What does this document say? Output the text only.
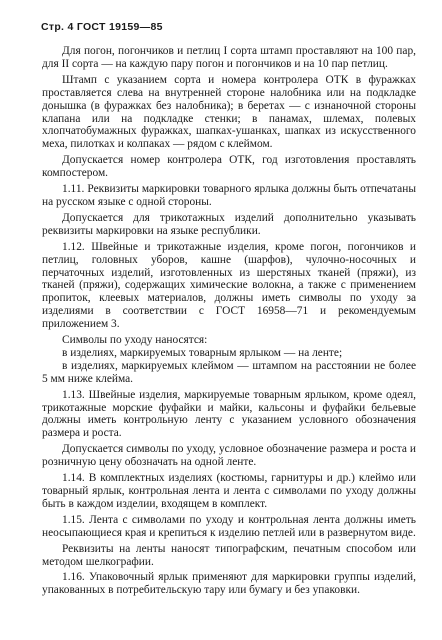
Стр. 4 ГОСТ 19159—85

Для погон, погончиков и петлиц I сорта штамп проставляют на 100 пар, для II сорта — на каждую пару погон и погончиков и на 10 пар петлиц.

Штамп с указанием сорта и номера контролера ОТК в фуражках проставляется слева на внутренней стороне налобника или на подкладке донышка (в фуражках без налобника); в беретах — с изнаночной стороны клапана или на подкладке стенки; в панамах, шлемах, полевых хлопчатобумажных фуражках, шапках-ушанках, шапках из искусственного меха, пилотках и колпаках — рядом с клеймом.

Допускается номер контролера ОТК, год изготовления проставлять компостером.

1.11. Реквизиты маркировки товарного ярлыка должны быть отпечатаны на русском языке с одной стороны.

Допускается для трикотажных изделий дополнительно указывать реквизиты маркировки на языке республики.

1.12. Швейные и трикотажные изделия, кроме погон, погончиков и петлиц, головных уборов, кашне (шарфов), чулочно-носочных и перчаточных изделий, изготовленных из шерстяных тканей (пряжи), из тканей (пряжи), содержащих химические волокна, а также с применением пропиток, клеевых материалов, должны иметь символы по уходу за изделиями в соответствии с ГОСТ 16958—71 и рекомендуемым приложением 3.

Символы по уходу наносятся:

в изделиях, маркируемых товарным ярлыком — на ленте;

в изделиях, маркируемых клеймом — штампом на расстоянии не более 5 мм ниже клейма.

1.13. Швейные изделия, маркируемые товарным ярлыком, кроме одеял, трикотажные морские фуфайки и майки, кальсоны и фуфайки бельевые должны иметь контрольную ленту с указанием условного обозначения размера и роста.

Допускается символы по уходу, условное обозначение размера и роста и розничную цену обозначать на одной ленте.

1.14. В комплектных изделиях (костюмы, гарнитуры и др.) клеймо или товарный ярлык, контрольная лента и лента с символами по уходу должны быть в каждом изделии, входящем в комплект.

1.15. Лента с символами по уходу и контрольная лента должны иметь неосыпающиеся края и крепиться к изделию петлей или в развернутом виде.

Реквизиты на ленты наносят типографским, печатным способом или методом шелкографии.

1.16. Упаковочный ярлык применяют для маркировки группы изделий, упакованных в потребительскую тару или бумагу и без упаковки.
